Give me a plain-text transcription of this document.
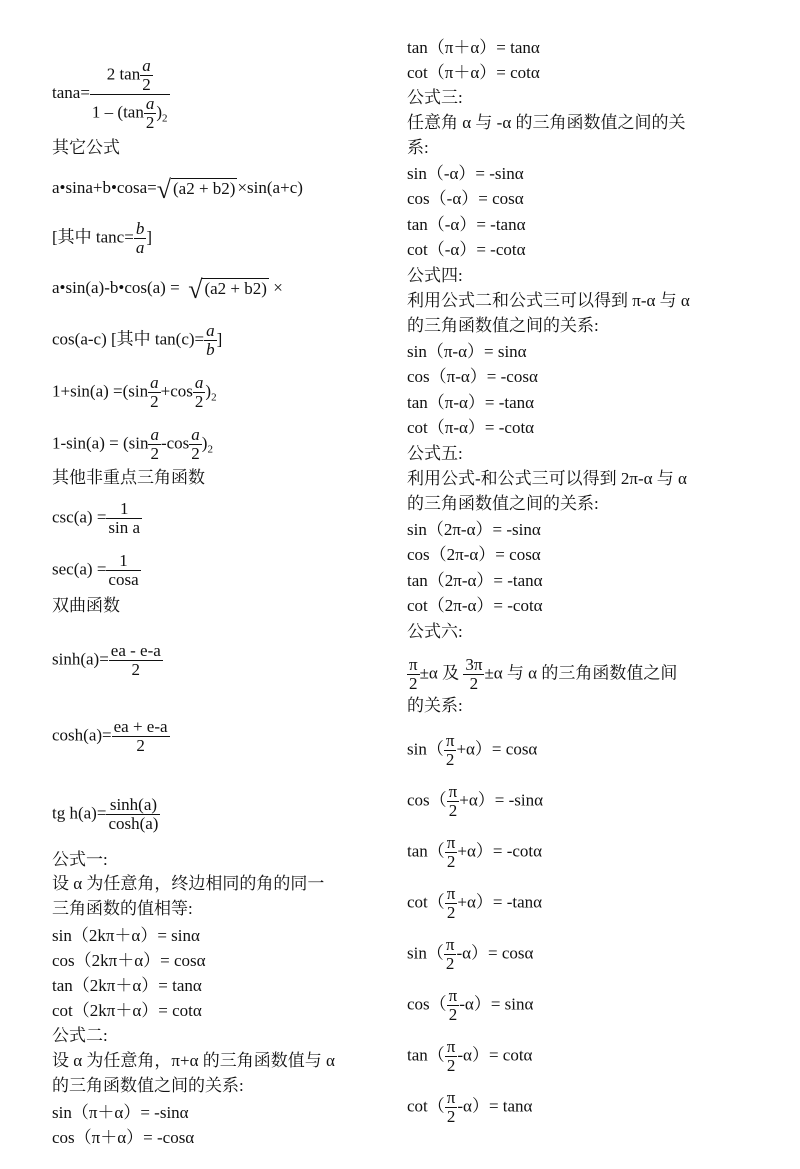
$\tan a= \frac{2 \tan \frac{a}{2}}{1 - (\tan \frac{a}{2} )_2}$
其它公式
a•sina+b•cosa=√ (a2 + b2) ×sin(a+c)
[其中 $\tan c= \frac{b}{a}$ ]
a•sin(a)-b•cos(a) = √ (a2 + b2) ×
cos(a-c) [其中 $\tan(c)= \frac{a}{b}$ ]
$1+\sin(a) =(\sin \frac{a}{2} +\cos \frac{a}{2} )_2$
$1-\sin(a) = (\sin \frac{a}{2} -\cos \frac{a}{2} )_2$
其他非重点三角函数
$\csc(a) = \frac{1}{\text{sin a}}$
$\sec(a) = \frac{1}{\cos a}$
双曲函数
$\sinh(a)= \frac{ea - e-a}{2}$
$\cosh(a)= \frac{ea + e-a}{2}$
tg $h(a)= \frac{\sinh(a)}{\cosh(a)}$
公式一:
设 α 为任意角，终边相同的角的同一
三角函数的值相等:
sin（2kπ＋α）= sinα
cos（2kπ＋α）= cosα
tan（2kπ＋α）= tanα
cot（2kπ＋α）= cotα
公式二:
设 α 为任意角，π+α 的三角函数值与 α
的三角函数值之间的关系:
sin（π＋α）= -sinα
cos（π＋α）= -cosα
tan（π＋α）= tanα
cot（π＋α）= cotα
公式三:
任意角 α 与 -α 的三角函数值之间的关
系:
sin（-α）= -sinα
cos（-α）= cosα
tan（-α）= -tanα
cot（-α）= -cotα
公式四:
利用公式二和公式三可以得到 π-α 与 α
的三角函数值之间的关系:
sin（π-α）= sinα
cos（π-α）= -cosα
tan（π-α）= -tanα
cot（π-α）= -cotα
公式五:
利用公式-和公式三可以得到 2π-α 与 α
的三角函数值之间的关系:
sin（2π-α）= -sinα
cos（2π-α）= cosα
tan（2π-α）= -tanα
cot（2π-α）= -cotα
公式六:
$\frac{\pi}{2} \pm\alpha$ 及 $\frac{3\pi}{2} \pm\alpha$ 与 α 的三角函数值之间
的关系:
$\sin( \frac{\pi}{2} +\alpha)= \cos\alpha$
$\cos( \frac{\pi}{2} +\alpha)= -\sin\alpha$
$\tan( \frac{\pi}{2} +\alpha)= -\cot\alpha$
$\cot( \frac{\pi}{2} +\alpha)= -\tan\alpha$
$\sin( \frac{\pi}{2} -\alpha)= \cos\alpha$
$\cos( \frac{\pi}{2} -\alpha)= \sin\alpha$
$\tan( \frac{\pi}{2} -\alpha)= \cot\alpha$
$\cot( \frac{\pi}{2} -\alpha)= \tan\alpha$
